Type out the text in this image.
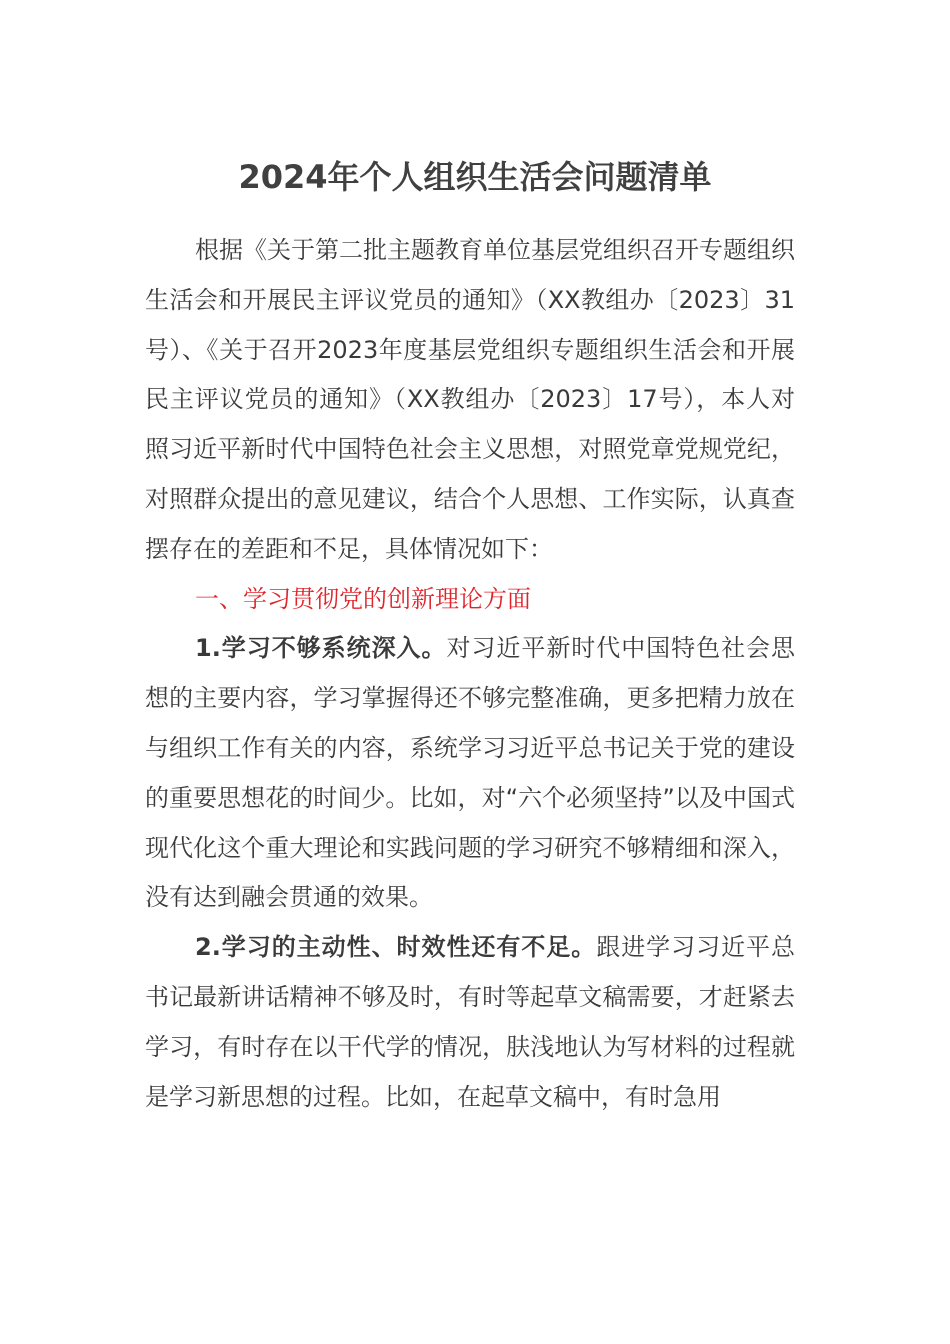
2024年个人组织生活会问题清单

根据《关于第二批主题教育单位基层党组织召开专题组织生活会和开展民主评议党员的通知》（XX教组办〔2023〕31号）、《关于召开2023年度基层党组织专题组织生活会和开展民主评议党员的通知》（XX教组办〔2023〕17号），本人对照习近平新时代中国特色社会主义思想，对照党章党规党纪，对照群众提出的意见建议，结合个人思想、工作实际，认真查摆存在的差距和不足，具体情况如下：

一、学习贯彻党的创新理论方面

1.学习不够系统深入。对习近平新时代中国特色社会思想的主要内容，学习掌握得还不够完整准确，更多把精力放在与组织工作有关的内容，系统学习习近平总书记关于党的建设的重要思想花的时间少。比如，对“六个必须坚持”以及中国式现代化这个重大理论和实践问题的学习研究不够精细和深入，没有达到融会贯通的效果。

2.学习的主动性、时效性还有不足。跟进学习习近平总书记最新讲话精神不够及时，有时等起草文稿需要，才赶紧去学习，有时存在以干代学的情况，肤浅地认为写材料的过程就是学习新思想的过程。比如，在起草文稿中，有时急用
